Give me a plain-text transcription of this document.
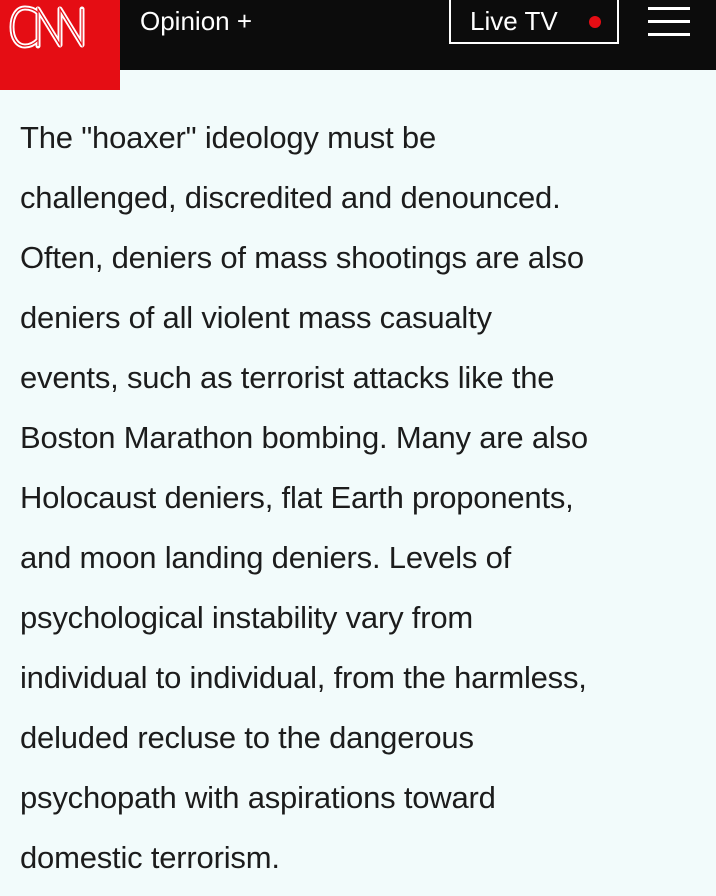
CNN
Opinion +	Live TV

The "hoaxer" ideology must be
challenged, discredited and denounced.
Often, deniers of mass shootings are also
deniers of all violent mass casualty
events, such as terrorist attacks like the
Boston Marathon bombing. Many are also
Holocaust deniers, flat Earth proponents,
and moon landing deniers. Levels of
psychological instability vary from
individual to individual, from the harmless,
deluded recluse to the dangerous
psychopath with aspirations toward
domestic terrorism.
